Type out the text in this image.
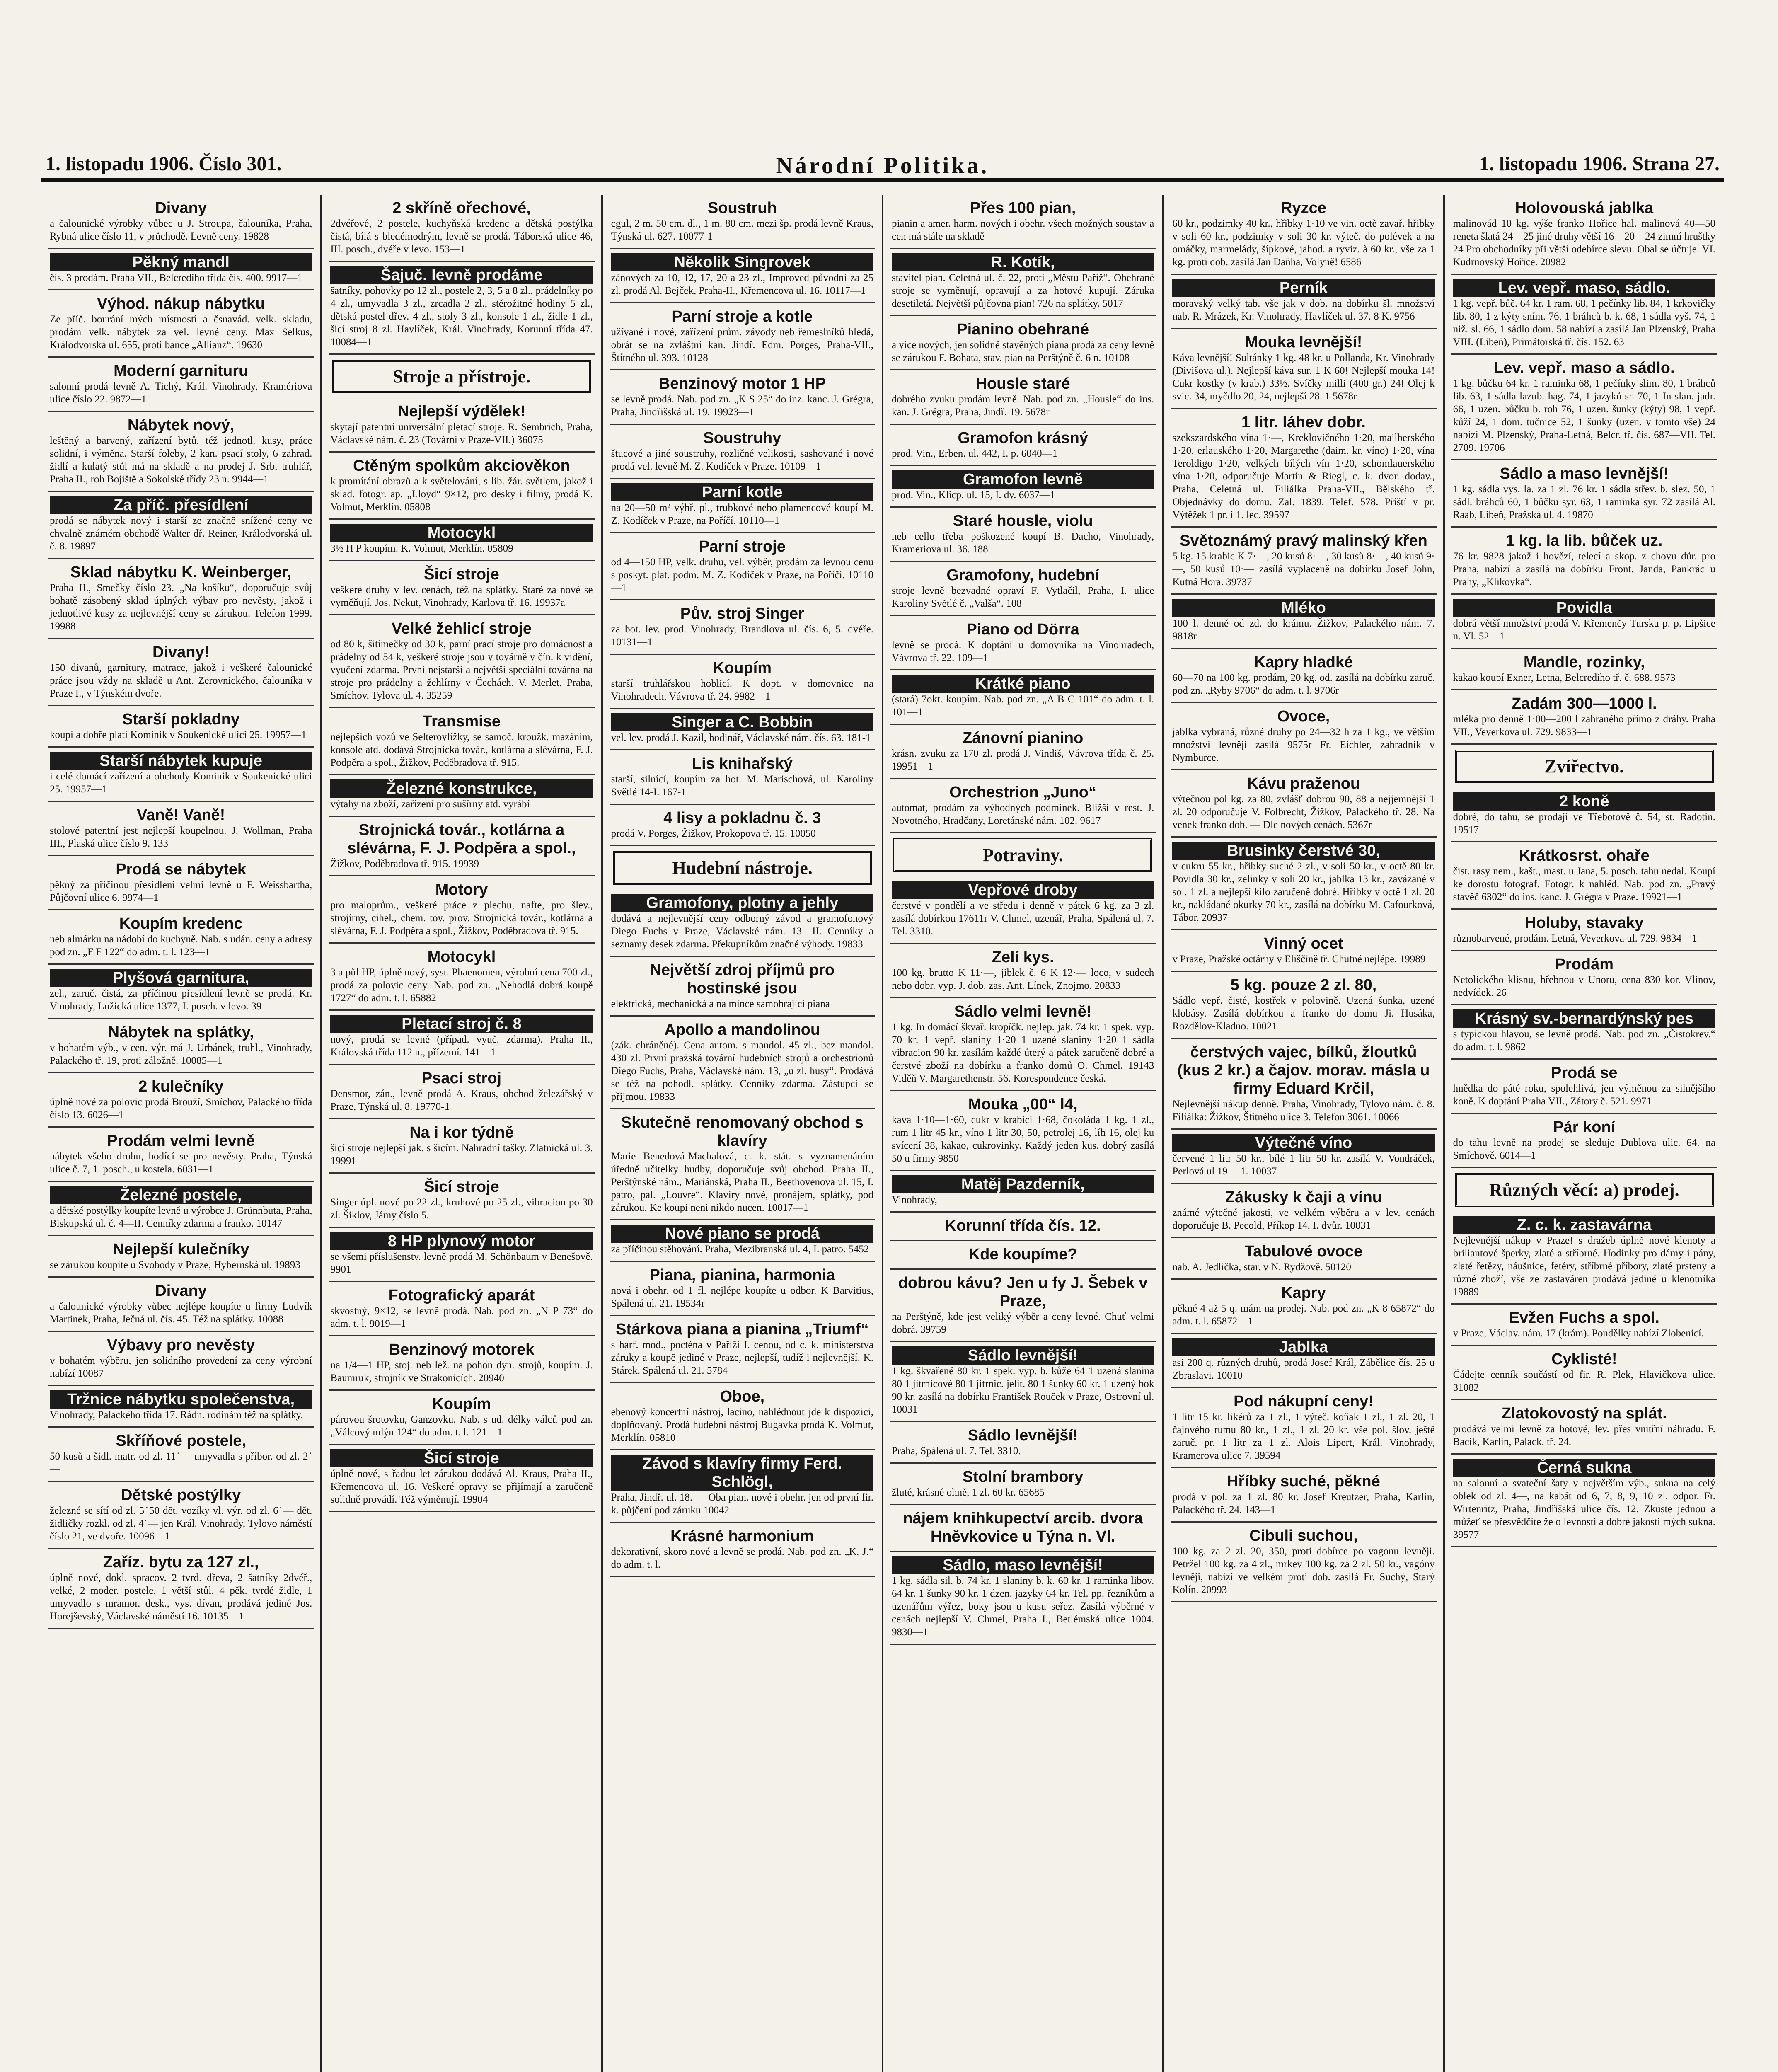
1. listopadu 1906. Číslo 301.	Národní Politika.	1. listopadu 1906. Strana 27.
Divany
a čalounické výrobky vůbec u J. Stroupa, čalouníka, Praha, Rybná ulice číslo 11, v průchodě. Levně ceny. 19828
Pěkný mandl
čís. 3 prodám. Praha VII., Belcrediho třída čís. 400. 9917—1
Výhod. nákup nábytku
Ze příč. bourání mých místností a čsnavád. velk. skladu, prodám velk. nábytek za vel. levné ceny. Max Selkus, Králodvorská ul. 655, proti bance „Allianz“. 19630
Moderní garnituru
salonní prodá levně A. Tichý, Král. Vinohrady, Kramériova ulice číslo 22. 9872—1
Nábytek nový,
leštěný a barvený, zařízení bytů, též jednotl. kusy, práce solidní, i výměna. Starší foleby, 2 kan. psací stoly, 6 zahrad. židlí a kulatý stůl má na skladě a na prodej J. Srb, truhlář, Praha II., roh Bojiště a Sokolské třídy 23 n. 9944—1
Za příč. přesídlení
prodá se nábytek nový i starší ze značně snížené ceny ve chvalně známém obchodě Walter dř. Reiner, Králodvorská ul. č. 8. 19897
Sklad nábytku K. Weinberger,
Praha II., Smečky číslo 23. „Na košíku“, doporučuje svůj bohatě zásobený sklad úplných výbav pro nevěsty, jakož i jednotlivé kusy za nejlevnější ceny se zárukou. Telefon 1999. 19988
Divany!
150 divanů, garnitury, matrace, jakož i veškeré čalounické práce jsou vždy na skladě u Ant. Zerovnického, čalouníka v Praze I., v Týnském dvoře.
Starší pokladny
koupí a dobře platí Kominik v Soukenické ulici 25. 19957—1
Starší nábytek kupuje
i celé domácí zařízení a obchody Kominik v Soukenické ulici 25. 19957—1
Vaně! Vaně!
stolové patentní jest nejlepší koupelnou. J. Wollman, Praha III., Plaská ulice číslo 9. 133
Prodá se nábytek
pěkný za příčinou přesídlení velmi levně u F. Weissbartha, Půjčovní ulice 6. 9974—1
Koupím kredenc
neb almárku na nádobí do kuchyně. Nab. s udán. ceny a adresy pod zn. „F F 122“ do adm. t. l. 123—1
Plyšová garnitura,
zel., zaruč. čistá, za příčinou přesídlení levně se prodá. Kr. Vinohrady, Lužická ulice 1377, I. posch. v levo. 39
Nábytek na splátky,
v bohatém výb., v cen. výr. má J. Urbánek, truhl., Vinohrady, Palackého tř. 19, proti záložně. 10085—1
2 kulečníky
úplně nové za polovic prodá Brouží, Smíchov, Palackého třída číslo 13. 6026—1
Prodám velmi levně
nábytek všeho druhu, hodící se pro nevěsty. Praha, Týnská ulice č. 7, 1. posch., u kostela. 6031—1
Železné postele,
a dětské postýlky koupíte levně u výrobce J. Grünnbuta, Praha, Biskupská ul. č. 4—II. Cenníky zdarma a franko. 10147
Nejlepší kulečníky
se zárukou koupíte u Svobody v Praze, Hybernská ul. 19893
Divany
a čalounické výrobky vůbec nejlépe koupíte u firmy Ludvík Martinek, Praha, Ječná ul. čís. 45. Též na splátky. 10088
Výbavy pro nevěsty
v bohatém výběru, jen solidního provedení za ceny výrobní nabízí 10087
Tržnice nábytku společenstva,
Vinohrady, Palackého třída 17. Rádn. rodinám též na splátky.
Skříňové postele,
50 kusů a šidl. matr. od zl. 11˙— umyvadla s příbor. od zl. 2˙—
Dětské postýlky
železné se sítí od zl. 5˙50 dět. vozíky vl. výr. od zl. 6˙— dět. židličky rozkl. od zl. 4˙— jen Král. Vinohrady, Tylovo náměstí číslo 21, ve dvoře. 10096—1
Zaříz. bytu za 127 zl.,
úplně nové, dokl. spracov. 2 tvrd. dřeva, 2 šatníky 2dvéř., velké, 2 moder. postele, 1 větší stůl, 4 pěk. tvrdé židle, 1 umyvadlo s mramor. desk., vys. dívan, prodává jediné Jos. Horejševský, Václavské náměstí 16. 10135—1
2 skříně ořechové,
2dvéřové, 2 postele, kuchyňská kredenc a dětská postýlka čistá, bílá s bledémodrým, levně se prodá. Táborská ulice 46, III. posch., dvéře v levo. 153—1
Šajuč. levně prodáme
šatníky, pohovky po 12 zl., postele 2, 3, 5 a 8 zl., prádelníky po 4 zl., umyvadla 3 zl., zrcadla 2 zl., stěrožitné hodiny 5 zl., dětská postel dřev. 4 zl., stoly 3 zl., konsole 1 zl., židle 1 zl., šicí stroj 8 zl. Havlíček, Král. Vinohrady, Korunní třída 47. 10084—1
Stroje a přístroje.
Nejlepší výdělek!
skytají patentní universální pletací stroje. R. Sembrich, Praha, Václavské nám. č. 23 (Tovární v Praze-VII.) 36075
Ctěným spolkům akciověkon
k promítání obrazů a k světelování, s lib. žár. světlem, jakož i sklad. fotogr. ap. „Lloyd“ 9×12, pro desky i filmy, prodá K. Volmut, Merklín. 05808
Motocykl
3½ H P koupím. K. Volmut, Merklín. 05809
Šicí stroje
veškeré druhy v lev. cenách, též na splátky. Staré za nové se vyměňují. Jos. Nekut, Vinohrady, Karlova tř. 16. 19937a
Velké žehlicí stroje
od 80 k, šitímečky od 30 k, parní prací stroje pro domácnost a prádelny od 54 k, veškeré stroje jsou v továrně v čín. k vidění, vyučení zdarma. První nejstarší a největší speciální továrna na stroje pro prádelny a žehlírny v Čechách. V. Merlet, Praha, Smíchov, Tylova ul. 4. 35259
Transmise
nejlepších vozů ve Selterovlížky, se samoč. kroužk. mazáním, konsole atd. dodává Strojnická továr., kotlárna a slévárna, F. J. Podpěra a spol., Žižkov, Poděbradova tř. 915.
Železné konstrukce,
výtahy na zboží, zařízení pro sušírny atd. vyrábí
Strojnická továr., kotlárna a slévárna, F. J. Podpěra a spol.,
Žižkov, Poděbradova tř. 915. 19939
Motory
pro maloprům., veškeré práce z plechu, nafte, pro šlev., strojírny, cihel., chem. tov. prov. Strojnická továr., kotlárna a slévárna, F. J. Podpěra a spol., Žižkov, Poděbradova tř. 915.
Motocykl
3 a půl HP, úplně nový, syst. Phaenomen, výrobní cena 700 zl., prodá za polovic ceny. Nab. pod zn. „Nehodlá dobrá koupě 1727“ do adm. t. l. 65882
Pletací stroj č. 8
nový, prodá se levně (případ. vyuč. zdarma). Praha II., Královská třída 112 n., přízemí. 141—1
Psací stroj
Densmor, zán., levně prodá A. Kraus, obchod železářský v Praze, Týnská ul. 8. 19770-1
Na i kor týdně
šicí stroje nejlepší jak. s šicím. Nahradní tašky. Zlatnická ul. 3. 19991
Šicí stroje
Singer úpl. nové po 22 zl., kruhové po 25 zl., vibracion po 30 zl. Šiklov, Jámy číslo 5.
8 HP plynový motor
se všemi příslušenstv. levně prodá M. Schönbaum v Benešově. 9901
Fotografický aparát
skvostný, 9×12, se levně prodá. Nab. pod zn. „N P 73“ do adm. t. l. 9019—1
Benzinový motorek
na 1/4—1 HP, stoj. neb lež. na pohon dyn. strojů, koupím. J. Baumruk, strojník ve Strakonicích. 20940
Koupím
párovou šrotovku, Ganzovku. Nab. s ud. délky válců pod zn. „Válcový mlýn 124“ do adm. t. l. 121—1
Šicí stroje
úplně nové, s řadou let zárukou dodává Al. Kraus, Praha II., Křemencova ul. 16. Veškeré opravy se přijímají a zaručeně solidně provádí. Též výměnují. 19904
Soustruh
cgul, 2 m. 50 cm. dl., 1 m. 80 cm. mezi šp. prodá levně Kraus, Týnská ul. 627. 10077-1
Několik Singrovek
zánových za 10, 12, 17, 20 a 23 zl., Improved původní za 25 zl. prodá Al. Bejček, Praha-II., Křemencova ul. 16. 10117—1
Parní stroje a kotle
užívané i nové, zařízení prům. závody neb řemeslníků hledá, obrát se na zvláštní kan. Jindř. Edm. Porges, Praha-VII., Štítného ul. 393. 10128
Benzinový motor 1 HP
se levně prodá. Nab. pod zn. „K S 25“ do inz. kanc. J. Grégra, Praha, Jindřišská ul. 19. 19923—1
Soustruhy
štucové a jiné soustruhy, rozličné velikosti, sashované i nové prodá vel. levně M. Z. Kodíček v Praze. 10109—1
Parní kotle
na 20—50 m² výhř. pl., trubkové nebo plamencové koupí M. Z. Kodíček v Praze, na Poříčí. 10110—1
Parní stroje
od 4—150 HP, velk. druhu, vel. výběr, prodám za levnou cenu s poskyt. plat. podm. M. Z. Kodíček v Praze, na Poříčí. 10110—1
Pův. stroj Singer
za bot. lev. prod. Vinohrady, Brandlova ul. čís. 6, 5. dvéře. 10131—1
Koupím
starší truhlářskou hoblicí. K dopt. v domovnice na Vinohradech, Vávrova tř. 24. 9982—1
Singer a C. Bobbin
vel. lev. prodá J. Kazil, hodinář, Václavské nám. čís. 63. 181-1
Lis knihařský
starší, silnící, koupím za hot. M. Marischová, ul. Karoliny Světlé 14-I. 167-1
4 lisy a pokladnu č. 3
prodá V. Porges, Žižkov, Prokopova tř. 15. 10050
Hudební nástroje.
Gramofony, plotny a jehly
dodává a nejlevnější ceny odborný závod a gramofonový Diego Fuchs v Praze, Václavské nám. 13—II. Cenníky a seznamy desek zdarma. Překupníkům značné výhody. 19833
Největší zdroj příjmů pro hostinské jsou
elektrická, mechanická a na mince samohrající piana
Apollo a mandolinou
(zák. chráněné). Cena autom. s mandol. 45 zl., bez mandol. 430 zl. První pražská tovární hudebních strojů a orchestrionů Diego Fuchs, Praha, Václavské nám. 13, „u zl. husy“. Prodává se též na pohodl. splátky. Cenníky zdarma. Zástupci se přijmou. 19833
Skutečně renomovaný obchod s klavíry
Marie Benedová-Machalová, c. k. stát. s vyznamenáním úředně učitelky hudby, doporučuje svůj obchod. Praha II., Perštýnské nám., Mariánská, Praha II., Beethovenova ul. 15, I. patro, pal. „Louvre“. Klavíry nové, pronájem, splátky, pod zárukou. Ke koupi neni nikdo nucen. 10017—1
Nové piano se prodá
za příčinou stěhování. Praha, Mezibranská ul. 4, I. patro. 5452
Piana, pianina, harmonia
nová i obehr. od 1 fl. nejlépe koupíte u odbor. K Barvitius, Spálená ul. 21. 19534r
Stárkova piana a pianina „Triumf“
s harf. mod., pocténa v Paříži I. cenou, od c. k. ministerstva záruky a koupě jediné v Praze, nejlepší, tudíž i nejlevnější. K. Stárek, Spálená ul. 21. 5784
Oboe,
ebenový koncertní nástroj, lacino, nahlédnout jde k dispozici, doplňovaný. Prodá hudební nástroj Bugavka prodá K. Volmut, Merklín. 05810
Závod s klavíry firmy Ferd. Schlögl,
Praha, Jindř. ul. 18. — Oba pian. nové i obehr. jen od první fir. k. půjčení pod záruku 10042
Krásné harmonium
dekorativní, skoro nové a levně se prodá. Nab. pod zn. „K. J.“ do adm. t. l.
Přes 100 pian,
pianin a amer. harm. nových i obehr. všech možných soustav a cen má stále na skladě
R. Kotík,
stavitel pian. Celetná ul. č. 22, proti „Městu Paříž“. Obehrané stroje se vyměnují, opravují a za hotové kupují. Záruka desetiletá. Největší půjčovna pian! 726 na splátky. 5017
Pianino obehrané
a více nových, jen solidně stavěných piana prodá za ceny levně se zárukou F. Bohata, stav. pian na Perštýně č. 6 n. 10108
Housle staré
dobrého zvuku prodám levně. Nab. pod zn. „Housle“ do ins. kan. J. Grégra, Praha, Jindř. 19. 5678r
Gramofon krásný
prod. Vin., Erben. ul. 442, I. p. 6040—1
Gramofon levně
prod. Vin., Klicp. ul. 15, I. dv. 6037—1
Staré housle, violu
neb cello třeba poškozené koupí B. Dacho, Vinohrady, Krameriova ul. 36. 188
Gramofony, hudební
stroje levně bezvadné opraví F. Vytlačil, Praha, I. ulice Karoliny Světlé č. „Valša“. 108
Piano od Dörra
levně se prodá. K doptání u domovníka na Vinohradech, Vávrova tř. 22. 109—1
Krátké piano
(stará) 7okt. koupím. Nab. pod zn. „A B C 101“ do adm. t. l. 101—1
Zánovní pianino
krásn. zvuku za 170 zl. prodá J. Vindiš, Vávrova třída č. 25. 19951—1
Orchestrion „Juno“
automat, prodám za výhodných podmínek. Bližší v rest. J. Novotného, Hradčany, Loretánské nám. 102. 9617
Potraviny.
Vepřové droby
čerstvé v pondělí a ve středu i denně v pátek 6 kg. za 3 zl. zasílá dobírkou 17611r V. Chmel, uzenář, Praha, Spálená ul. 7. Tel. 3310.
Zelí kys.
100 kg. brutto K 11·—, jiblek č. 6 K 12·— loco, v sudech nebo dobr. vyp. J. dob. zas. Ant. Línek, Znojmo. 20833
Sádlo velmi levně!
1 kg. In domácí škvař. kropíčk. nejlep. jak. 74 kr. 1 spek. vyp. 70 kr. 1 vepř. slaniny 1·20 1 uzené slaniny 1·20 1 sádla vibracion 90 kr. zasílám každé úterý a pátek zaručeně dobré a čerstvé zboží na dobírku a franko domů O. Chmel. 19143 Viděň V, Margarethenstr. 56. Korespondence česká.
Mouka „00“ l4,
kava 1·10—1·60, cukr v krabici 1·68, čokoláda 1 kg. 1 zl., rum 1 litr 45 kr., víno 1 litr 30, 50, petrolej 16, líh 16, olej ku svícení 38, kakao, cukrovinky. Každý jeden kus. dobrý zasílá 50 u firmy 9850
Matěj Pazderník,
Vinohrady,
Korunní třída čís. 12.
Kde koupíme?
dobrou kávu? Jen u fy J. Šebek v Praze,
na Perštýně, kde jest veliký výběr a ceny levné. Chuť velmi dobrá. 39759
Sádlo levnější!
1 kg. škvařené 80 kr. 1 spek. vyp. b. kůže 64 1 uzená slanina 80 1 jitrnicové 80 1 jitrnic. jelit. 80 1 šunky 60 kr. 1 uzený bok 90 kr. zasílá na dobírku František Rouček v Praze, Ostrovní ul. 10031
Sádlo levnější!
Praha, Spálená ul. 7. Tel. 3310.
Stolní brambory
žluté, krásné ohně, 1 zl. 60 kr. 65685
nájem knihkupectví arcib. dvora Hněvkovice u Týna n. Vl.
Sádlo, maso levnější!
1 kg. sádla sil. b. 74 kr. 1 slaniny b. k. 60 kr. 1 raminka libov. 64 kr. 1 šunky 90 kr. 1 dzen. jazyky 64 kr. Tel. pp. řezníkům a uzenářům výřez, boky jsou u kusu seřez. Zasílá výběrné v cenách nejlepší V. Chmel, Praha I., Betlémská ulice 1004. 9830—1
Ryzce
60 kr., podzimky 40 kr., hřibky 1·10 ve vin. octě zavař. hřibky v soli 60 kr., podzimky v soli 30 kr. výteč. do polévek a na omáčky, marmelády, šípkové, jahod. a ryviz. à 60 kr., vše za 1 kg. proti dob. zasílá Jan Daňha, Volyně! 6586
Perník
moravský velký tab. vše jak v dob. na dobírku šl. množství nab. R. Mrázek, Kr. Vinohrady, Havlíček ul. 37. 8 K. 9756
Mouka levnější!
Káva levnější! Sultánky 1 kg. 48 kr. u Pollanda, Kr. Vinohrady (Divišova ul.). Nejlepší káva sur. 1 K 60! Nejlepší mouka 14! Cukr kostky (v krab.) 33½. Svíčky milli (400 gr.) 24! Olej k svic. 34, myčdlo 20, 24, nejlepší 28. 1 5678r
1 litr. láhev dobr.
szekszardského vína 1·—, Kreklovičného 1·20, mailberského 1·20, erlauského 1·20, Margarethe (daim. kr. víno) 1·20, vína Teroldigo 1·20, velkých bílých vín 1·20, schomlauerského vína 1·20, odporučuje Martin & Riegl, c. k. dvor. dodav., Praha, Celetná ul. Filiálka Praha-VII., Bělského tř. Objednávky do domu. Zal. 1839. Telef. 578. Příští v pr. Výtěžek 1 pr. i 1. lec. 39597
Světoznámý pravý malinský křen
5 kg. 15 krabic K 7·—, 20 kusů 8·—, 30 kusů 8·—, 40 kusů 9·—, 50 kusů 10·— zasílá vyplaceně na dobírku Josef John, Kutná Hora. 39737
Mléko
100 l. denně od zd. do krámu. Žižkov, Palackého nám. 7. 9818r
Kapry hladké
60—70 na 100 kg. prodám, 20 kg. od. zasílá na dobírku zaruč. pod zn. „Ryby 9706“ do adm. t. l. 9706r
Ovoce,
jablka vybraná, různé druhy po 24—32 h za 1 kg., ve větším množství levněji zasílá 9575r Fr. Eichler, zahradník v Nymburce.
Kávu praženou
výtečnou pol kg. za 80, zvlášť dobrou 90, 88 a nejjemnější 1 zl. 20 odporučuje V. Folbrecht, Žižkov, Palackého tř. 28. Na venek franko dob. — Dle nových cenách. 5367r
Brusinky čerstvé 30,
v cukru 55 kr., hřibky suché 2 zl., v soli 50 kr., v octě 80 kr. Povidla 30 kr., zelinky v soli 20 kr., jablka 13 kr., zavázané v sol. 1 zl. a nejlepší kilo zaručeně dobré. Hřibky v octě 1 zl. 20 kr., nakládané okurky 70 kr., zasílá na dobírku M. Cafourková, Tábor. 20937
Vinný ocet
v Praze, Pražské octárny v Eliščině tř. Chutné nejlépe. 19989
5 kg. pouze 2 zl. 80,
Sádlo vepř. čisté, kostřek v polovině. Uzená šunka, uzené klobásy. Zasílá dobírkou a franko do domu Ji. Husáka, Rozdělov-Kladno. 10021
čerstvých vajec, bílků, žloutků (kus 2 kr.) a čajov. morav. másla u firmy Eduard Krčil,
Nejlevnější nákup denně. Praha, Vinohrady, Tylovo nám. č. 8. Filiálka: Žižkov, Štítného ulice 3. Telefon 3061. 10066
Výtečné víno
červené 1 litr 50 kr., bílé 1 litr 50 kr. zasílá V. Vondráček, Perlová ul 19 —1. 10037
Zákusky k čaji a vínu
známé výtečné jakosti, ve velkém výběru a v lev. cenách doporučuje B. Pecold, Příkop 14, I. dvůr. 10031
Tabulové ovoce
nab. A. Jedlička, star. v N. Rydžově. 50120
Kapry
pěkné 4 až 5 q. mám na prodej. Nab. pod zn. „K 8 65872“ do adm. t. l. 65872—1
Jablka
asi 200 q. různých druhů, prodá Josef Král, Zábělice čís. 25 u Zbraslavi. 10010
Pod nákupní ceny!
1 litr 15 kr. likérů za 1 zl., 1 výteč. koňak 1 zl., 1 zl. 20, 1 čajového rumu 80 kr., 1 zl., 1 zl. 20 kr. vše pol. šlov. ještě zaruč. pr. 1 litr za 1 zl. Alois Lipert, Král. Vinohrady, Kramerova ulice 7. 39594
Hříbky suché, pěkné
prodá v pol. za 1 zl. 80 kr. Josef Kreutzer, Praha, Karlín, Palackého tř. 24. 143—1
Cibuli suchou,
100 kg. za 2 zl. 20, 350, proti dobírce po vagonu levněji. Petržel 100 kg. za 4 zl., mrkev 100 kg. za 2 zl. 50 kr., vagóny levněji, nabízí ve velkém proti dob. zasílá Fr. Suchý, Starý Kolín. 20993
Holovouská jablka
malinovád 10 kg. výše franko Hořice hal. malinová 40—50 reneta šlatá 24—25 jiné druhy větší 16—20—24 zimní hruštky 24 Pro obchodníky při větší odebírce slevu. Obal se účtuje. VI. Kudrnovský Hořice. 20982
Lev. vepř. maso, sádlo.
1 kg. vepř. bůč. 64 kr. 1 ram. 68, 1 pečínky lib. 84, 1 krkovičky lib. 80, 1 z kýty sním. 76, 1 bráhců b. k. 68, 1 sádla vyš. 74, 1 niž. sl. 66, 1 sádlo dom. 58 nabízí a zasílá Jan Plzenský, Praha VIII. (Libeň), Primátorská tř. čís. 152. 63
Lev. vepř. maso a sádlo.
1 kg. bůčku 64 kr. 1 raminka 68, 1 pečínky slim. 80, 1 bráhců lib. 63, 1 sádla lazub. hag. 74, 1 jazyků sr. 70, 1 In slan. jadr. 66, 1 uzen. bůčku b. roh 76, 1 uzen. šunky (kýty) 98, 1 vepř. kůží 24, 1 dom. tučnice 52, 1 šunky (uzen. v tomto vše) 24 nabízí M. Plzenský, Praha-Letná, Belcr. tř. čís. 687—VII. Tel. 2709. 19706
Sádlo a maso levnější!
1 kg. sádla vys. la. za 1 zl. 76 kr. 1 sádla střev. b. slez. 50, 1 sádl. bráhců 60, 1 bůčku syr. 63, 1 raminka syr. 72 zasílá Al. Raab, Libeň, Pražská ul. 4. 19870
1 kg. la lib. bůček uz.
76 kr. 9828 jakož i hovězí, telecí a skop. z chovu důr. pro Praha, nabízí a zasílá na dobírku Front. Janda, Pankrác u Prahy, „Klikovka“.
Povidla
dobrá větší množství prodá V. Křemenčy Tursku p. p. Lipšice n. Vl. 52—1
Mandle, rozinky,
kakao koupí Exner, Letna, Belcrediho tř. č. 688. 9573
Zadám 300—1000 l.
mléka pro denně 1·00—200 l zahraného přímo z dráhy. Praha VII., Veverkova ul. 729. 9833—1
Zvířectvo.
2 koně
dobré, do tahu, se prodají ve Třebotově č. 54, st. Radotín. 19517
Krátkosrst. ohaře
čist. rasy nem., kašt., mast. u Jana, 5. posch. tahu nedal. Koupí ke dorostu fotograf. Fotogr. k nahléd. Nab. pod zn. „Pravý stavěč 6302“ do ins. kanc. J. Grégra v Praze. 19921—1
Holuby, stavaky
různobarvené, prodám. Letná, Veverkova ul. 729. 9834—1
Prodám
Netolického klisnu, hřebnou v Unoru, cena 830 kor. Vlinov, nedvídek. 26
Krásný sv.-bernardýnský pes
s typickou hlavou, se levně prodá. Nab. pod zn. „Čistokrev.“ do adm. t. l. 9862
Prodá se
hnědka do páté roku, spolehlivá, jen výměnou za silnějšího koně. K doptání Praha VII., Zátory č. 521. 9971
Pár koní
do tahu levně na prodej se sleduje Dublova ulic. 64. na Smíchově. 6014—1
Různých věcí: a) prodej.
Z. c. k. zastavárna
Nejlevnější nákup v Praze! s dražeb úplně nové klenoty a briliantové šperky, zlaté a stříbrné. Hodinky pro dámy i pány, zlaté řetězy, náušnice, fetéry, stříbrné příbory, zlaté prsteny a různé zboží, vše ze zastaváren prodává jediné u klenotníka 19889
Evžen Fuchs a spol.
v Praze, Václav. nám. 17 (krám). Pondělky nabízí Zlobenicí.
Cyklisté!
Čádejte cenník součástí od fir. R. Plek, Hlavičkova ulice. 31082
Zlatokovostý na splát.
prodává velmi levně za hotové, lev. přes vnitřní náhradu. F. Bacík, Karlín, Palack. tř. 24.
Černá sukna
na salonní a svateční šaty v největším výb., sukna na celý oblek od zl. 4—, na kabát od 6, 7, 8, 9, 10 zl. odpor. Fr. Wirtenritz, Praha, Jindřišská ulice čís. 12. Zkuste jednou a můžeť se přesvědčíte že o levnosti a dobré jakosti mých sukna. 39577
